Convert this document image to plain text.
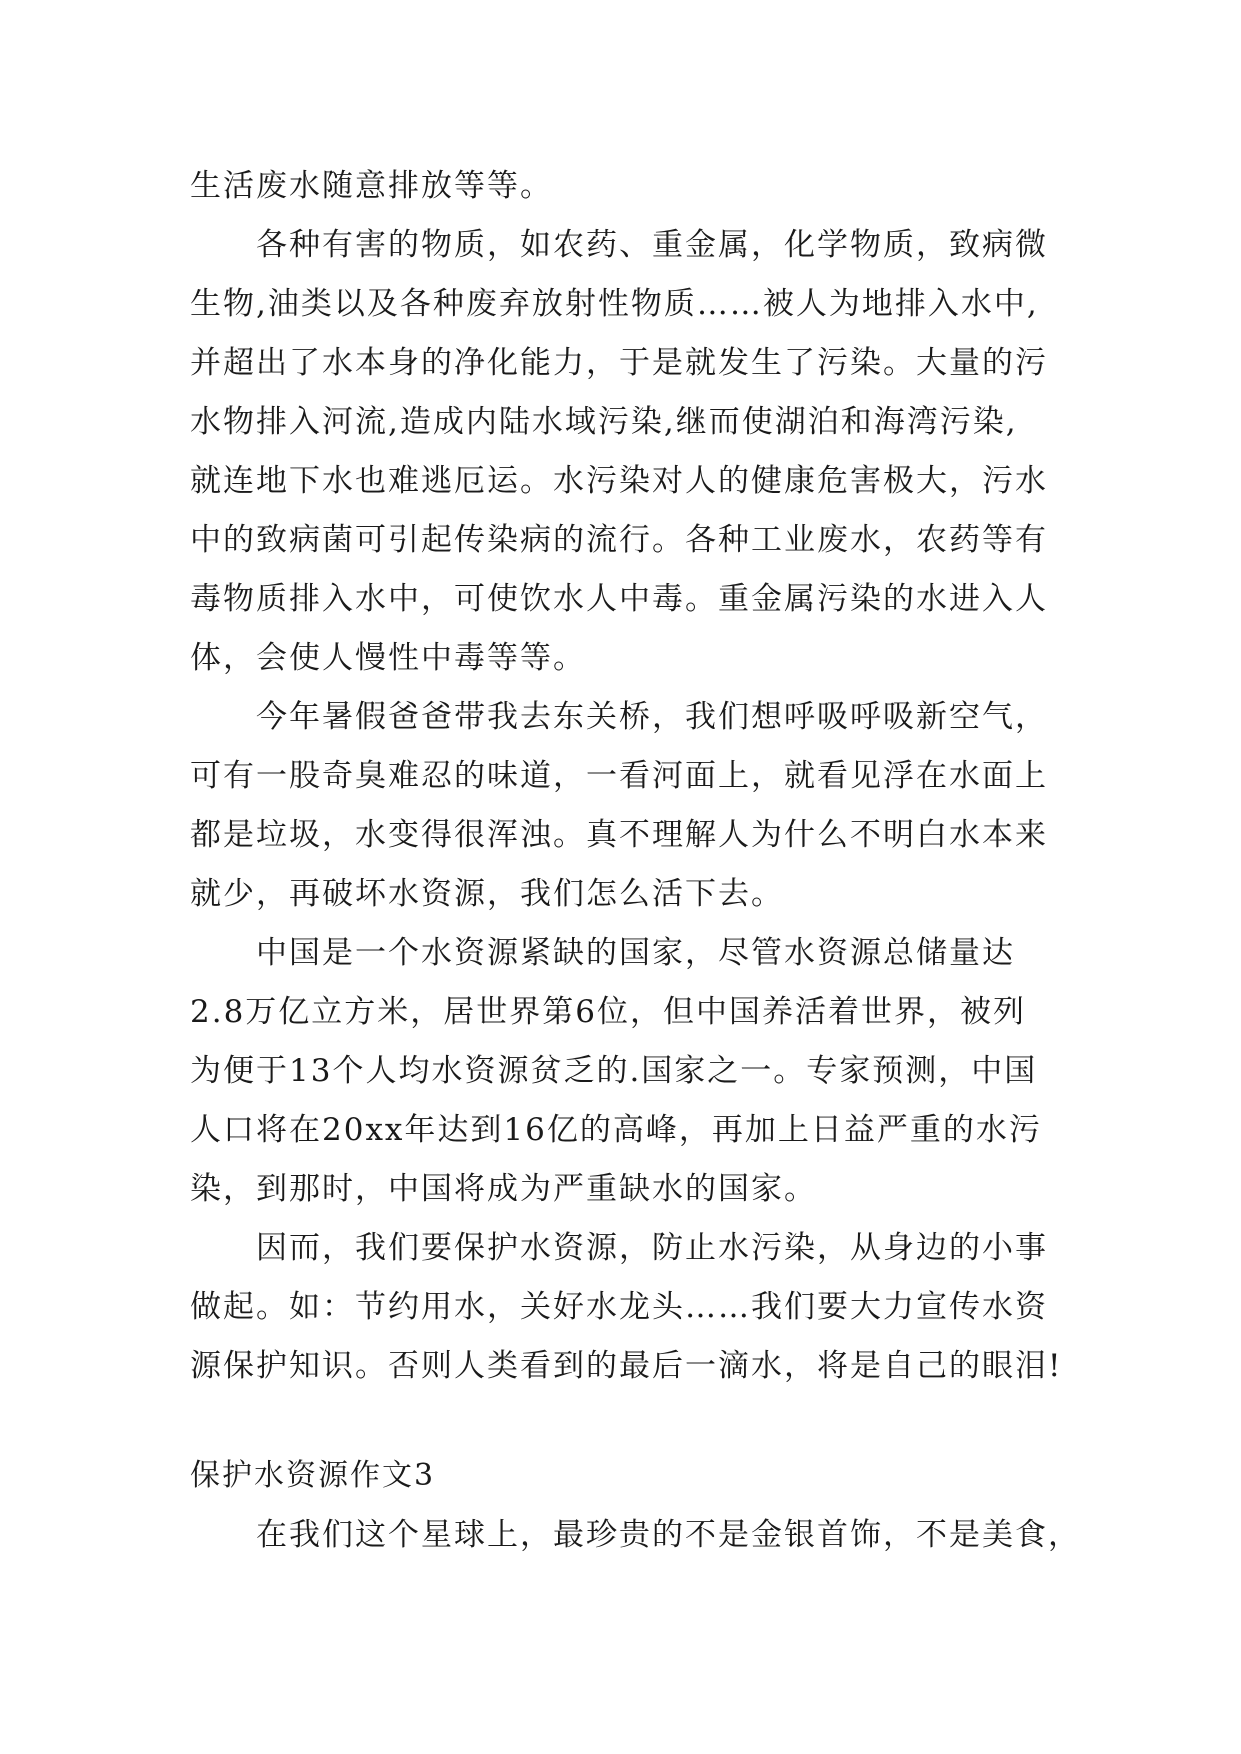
生活废水随意排放等等。
各种有害的物质，如农药、重金属，化学物质，致病微
生物,油类以及各种废弃放射性物质……被人为地排入水中,
并超出了水本身的净化能力，于是就发生了污染。大量的污
水物排入河流,造成内陆水域污染,继而使湖泊和海湾污染,
就连地下水也难逃厄运。水污染对人的健康危害极大，污水
中的致病菌可引起传染病的流行。各种工业废水，农药等有
毒物质排入水中，可使饮水人中毒。重金属污染的水进入人
体，会使人慢性中毒等等。
今年暑假爸爸带我去东关桥，我们想呼吸呼吸新空气，
可有一股奇臭难忍的味道，一看河面上，就看见浮在水面上
都是垃圾，水变得很浑浊。真不理解人为什么不明白水本来
就少，再破坏水资源，我们怎么活下去。
中国是一个水资源紧缺的国家，尽管水资源总储量达
2.8万亿立方米，居世界第6位，但中国养活着世界，被列
为便于13个人均水资源贫乏的.国家之一。专家预测，中国
人口将在20xx年达到16亿的高峰，再加上日益严重的水污
染，到那时，中国将成为严重缺水的国家。
因而，我们要保护水资源，防止水污染，从身边的小事
做起。如：节约用水，关好水龙头……我们要大力宣传水资
源保护知识。否则人类看到的最后一滴水，将是自己的眼泪!
保护水资源作文3
在我们这个星球上，最珍贵的不是金银首饰，不是美食，
